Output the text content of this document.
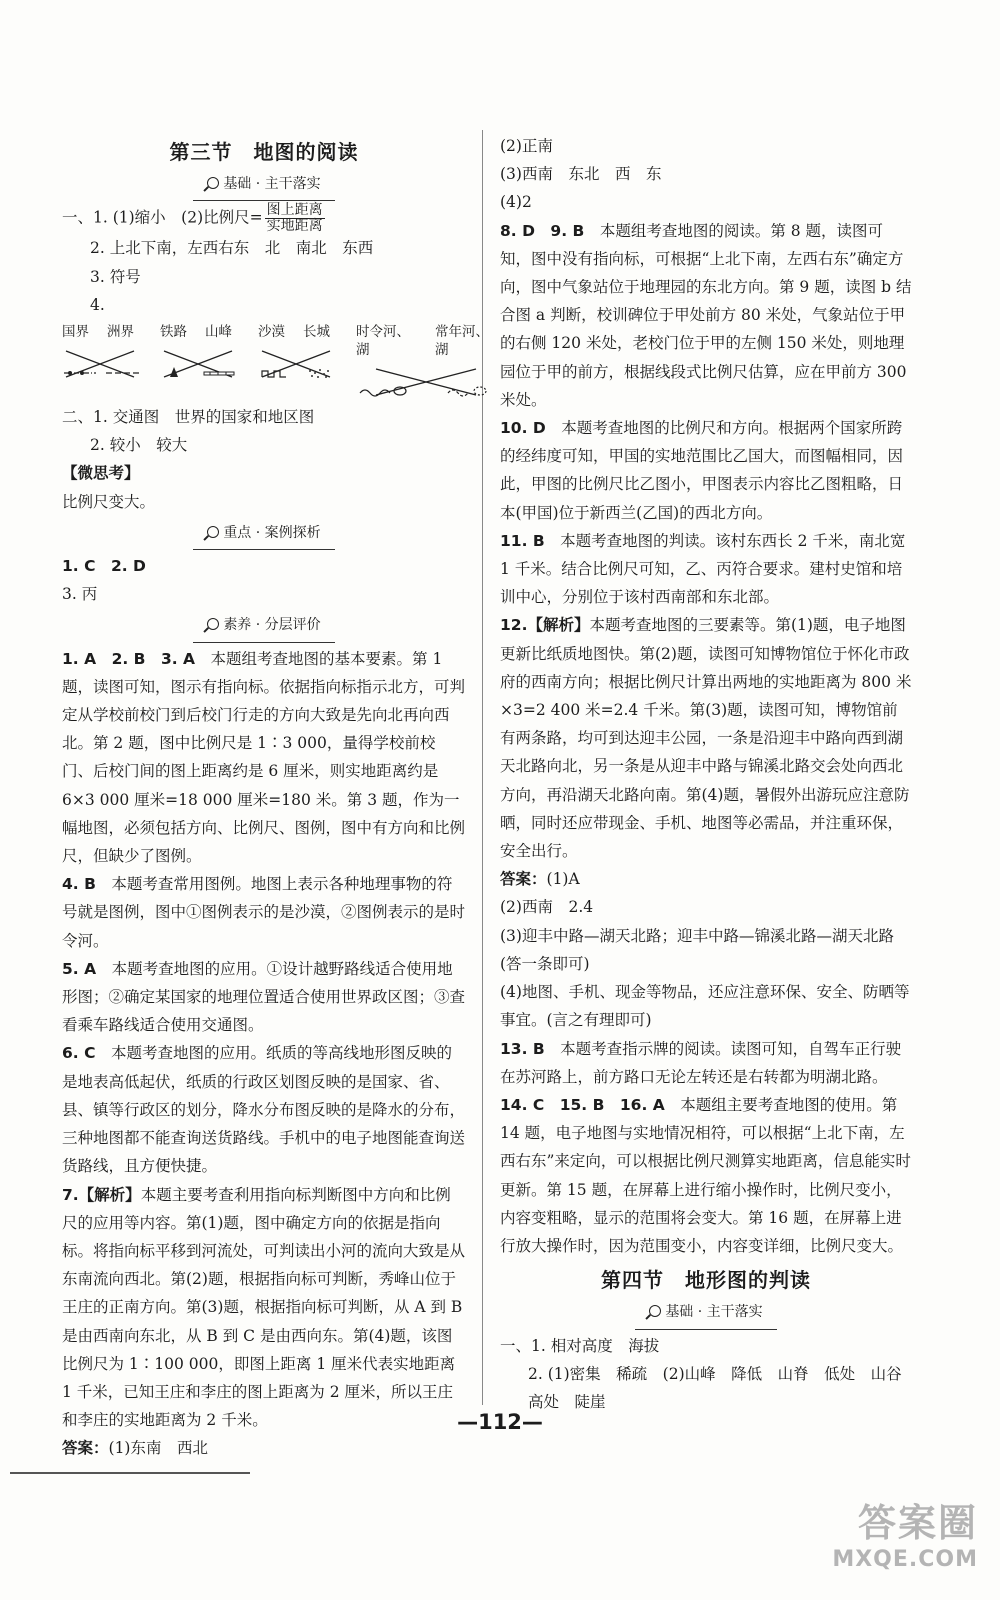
第三节　地图的阅读
基础 · 主干落实

一、1. (1)缩小　(2)比例尺= $\frac{\text{图上距离}}{\text{实地距离}}$

2. 上北下南，左西右东　北　南北　东西

3. 符号

4.

国界 洲界 铁路 山峰 沙漠 长城 时令河、湖
常年河、湖

二、1. 交通图　世界的国家和地区图

2. 较小　较大

【微思考】

比例尺变大。

重点 · 案例探析

1. C　2. D

3. 丙

素养 · 分层评价

1. A　2. B　3. A　本题组考查地图的基本要素。第 1 题，读图可知，图示有指向标。依据指向标指示北方，可判定从学校前校门到后校门行走的方向大致是先向北再向西北。第 2 题，图中比例尺是 1∶3 000，量得学校前校门、后校门间的图上距离约是 6 厘米，则实地距离约是 6×3 000 厘米=18 000 厘米=180 米。第 3 题，作为一幅地图，必须包括方向、比例尺、图例，图中有方向和比例尺，但缺少了图例。

4. B　本题考查常用图例。地图上表示各种地理事物的符号就是图例，图中①图例表示的是沙漠，②图例表示的是时令河。

5. A　本题考查地图的应用。①设计越野路线适合使用地形图；②确定某国家的地理位置适合使用世界政区图；③查看乘车路线适合使用交通图。

6. C　本题考查地图的应用。纸质的等高线地形图反映的是地表高低起伏，纸质的行政区划图反映的是国家、省、县、镇等行政区的划分，降水分布图反映的是降水的分布，三种地图都不能查询送货路线。手机中的电子地图能查询送货路线，且方便快捷。

7.【解析】本题主要考查利用指向标判断图中方向和比例尺的应用等内容。第(1)题，图中确定方向的依据是指向标。将指向标平移到河流处，可判读出小河的流向大致是从东南流向西北。第(2)题，根据指向标可判断，秀峰山位于王庄的正南方向。第(3)题，根据指向标可判断，从 A 到 B 是由西南向东北，从 B 到 C 是由西向东。第(4)题，该图比例尺为 1∶100 000，即图上距离 1 厘米代表实地距离 1 千米，已知王庄和李庄的图上距离为 2 厘米，所以王庄和李庄的实地距离为 2 千米。

答案：(1)东南　西北

(2)正南

(3)西南　东北　西　东

(4)2

8. D　9. B　本题组考查地图的阅读。第 8 题，读图可知，图中没有指向标，可根据“上北下南，左西右东”确定方向，图中气象站位于地理园的东北方向。第 9 题，读图 b 结合图 a 判断，校训碑位于甲处前方 80 米处，气象站位于甲的右侧 120 米处，老校门位于甲的左侧 150 米处，则地理园位于甲的前方，根据线段式比例尺估算，应在甲前方 300 米处。

10. D　本题考查地图的比例尺和方向。根据两个国家所跨的经纬度可知，甲国的实地范围比乙国大，而图幅相同，因此，甲图的比例尺比乙图小，甲图表示内容比乙图粗略，日本(甲国)位于新西兰(乙国)的西北方向。

11. B　本题考查地图的判读。该村东西长 2 千米，南北宽 1 千米。结合比例尺可知，乙、丙符合要求。建村史馆和培训中心，分别位于该村西南部和东北部。

12.【解析】本题考查地图的三要素等。第(1)题，电子地图更新比纸质地图快。第(2)题，读图可知博物馆位于怀化市政府的西南方向；根据比例尺计算出两地的实地距离为 800 米×3=2 400 米=2.4 千米。第(3)题，读图可知，博物馆前有两条路，均可到达迎丰公园，一条是沿迎丰中路向西到湖天北路向北，另一条是从迎丰中路与锦溪北路交会处向西北方向，再沿湖天北路向南。第(4)题，暑假外出游玩应注意防晒，同时还应带现金、手机、地图等必需品，并注重环保，安全出行。

答案：(1)A

(2)西南　2.4

(3)迎丰中路—湖天北路；迎丰中路—锦溪北路—湖天北路(答一条即可)

(4)地图、手机、现金等物品，还应注意环保、安全、防晒等事宜。(言之有理即可)

13. B　本题考查指示牌的阅读。读图可知，自驾车正行驶在苏河路上，前方路口无论左转还是右转都为明湖北路。

14. C　15. B　16. A　本题组主要考查地图的使用。第 14 题，电子地图与实地情况相符，可以根据“上北下南，左西右东”来定向，可以根据比例尺测算实地距离，信息能实时更新。第 15 题，在屏幕上进行缩小操作时，比例尺变小，内容变粗略，显示的范围将会变大。第 16 题，在屏幕上进行放大操作时，因为范围变小，内容变详细，比例尺变大。

第四节　地形图的判读
基础 · 主干落实

一、1. 相对高度　海拔

2. (1)密集　稀疏　(2)山峰　降低　山脊　低处　山谷　高处　陡崖

—112—
答案圈
MXQE.COM
